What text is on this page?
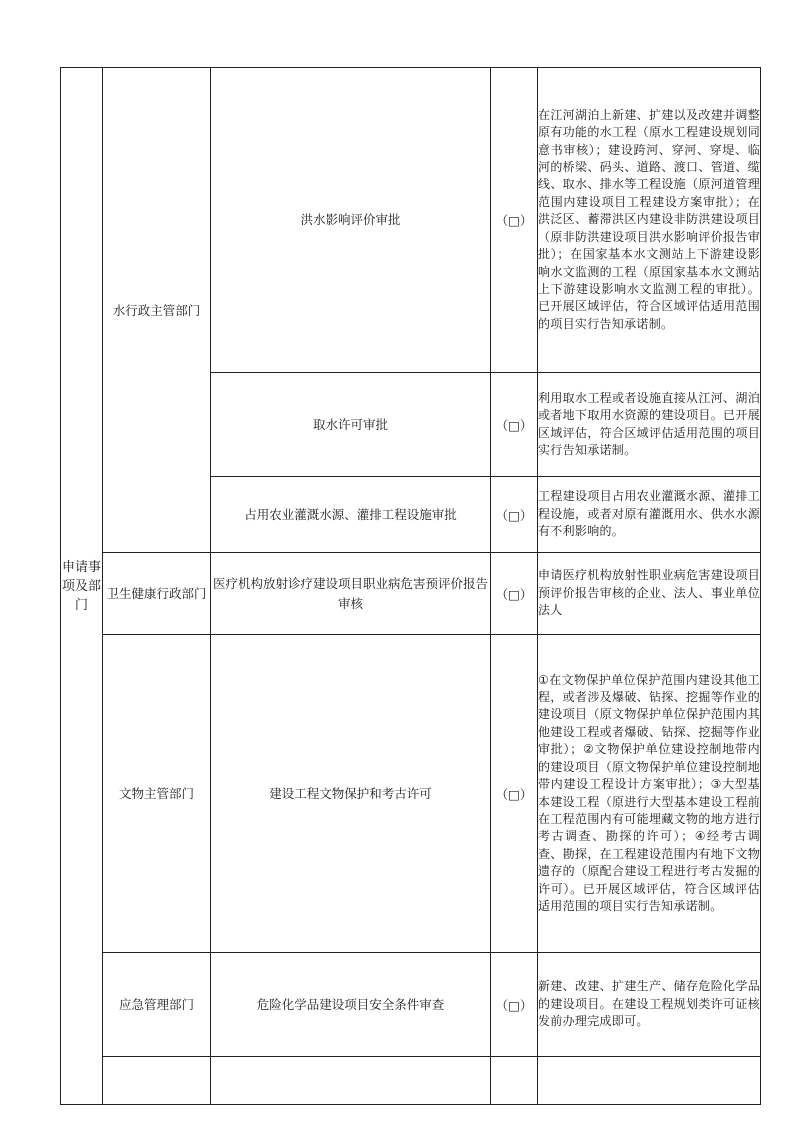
申请事项及部门	水行政主管部门	洪水影响评价审批	（□）	在江河湖泊上新建、扩建以及改建并调整原有功能的水工程（原水工程建设规划同意书审核）；建设跨河、穿河、穿堤、临河的桥梁、码头、道路、渡口、管道、缆线、取水、排水等工程设施（原河道管理范围内建设项目工程建设方案审批）；在洪泛区、蓄滞洪区内建设非防洪建设项目（原非防洪建设项目洪水影响评价报告审批）；在国家基本水文测站上下游建设影响水文监测的工程（原国家基本水文测站上下游建设影响水文监测工程的审批）。已开展区域评估，符合区域评估适用范围的项目实行告知承诺制。
		取水许可审批	（□）	利用取水工程或者设施直接从江河、湖泊或者地下取用水资源的建设项目。已开展区域评估，符合区域评估适用范围的项目实行告知承诺制。
		占用农业灌溉水源、灌排工程设施审批	（□）	工程建设项目占用农业灌溉水源、灌排工程设施，或者对原有灌溉用水、供水水源有不利影响的。
	卫生健康行政部门	医疗机构放射诊疗建设项目职业病危害预评价报告审核	（□）	申请医疗机构放射性职业病危害建设项目预评价报告审核的企业、法人、事业单位法人
	文物主管部门	建设工程文物保护和考古许可	（□）	①在文物保护单位保护范围内建设其他工程，或者涉及爆破、钻探、挖掘等作业的建设项目（原文物保护单位保护范围内其他建设工程或者爆破、钻探、挖掘等作业审批）；②文物保护单位建设控制地带内的建设项目（原文物保护单位建设控制地带内建设工程设计方案审批）；③大型基本建设工程（原进行大型基本建设工程前在工程范围内有可能埋藏文物的地方进行考古调查、勘探的许可）；④经考古调查、勘探，在工程建设范围内有地下文物遗存的（原配合建设工程进行考古发掘的许可）。已开展区域评估，符合区域评估适用范围的项目实行告知承诺制。
	应急管理部门	危险化学品建设项目安全条件审查	（□）	新建、改建、扩建生产、储存危险化学品的建设项目。在建设工程规划类许可证核发前办理完成即可。
